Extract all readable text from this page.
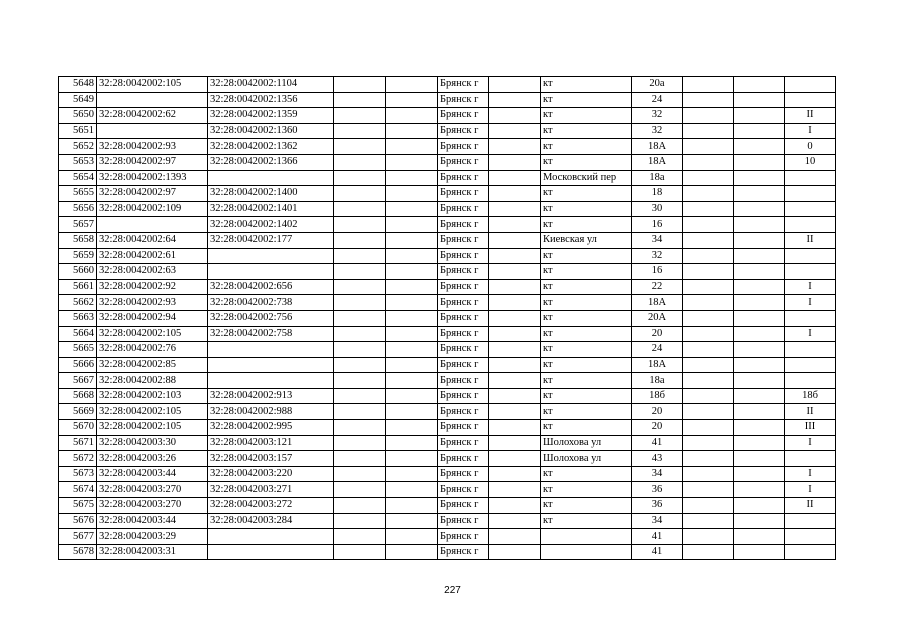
5648	32:28:0042002:105	32:28:0042002:1104			Брянск г		кт	20а			
5649		32:28:0042002:1356			Брянск г		кт	24			
5650	32:28:0042002:62	32:28:0042002:1359			Брянск г		кт	32			II
5651		32:28:0042002:1360			Брянск г		кт	32			I
5652	32:28:0042002:93	32:28:0042002:1362			Брянск г		кт	18А			0
5653	32:28:0042002:97	32:28:0042002:1366			Брянск г		кт	18А			10
5654	32:28:0042002:1393				Брянск г		Московский пер	18а			
5655	32:28:0042002:97	32:28:0042002:1400			Брянск г		кт	18			
5656	32:28:0042002:109	32:28:0042002:1401			Брянск г		кт	30			
5657		32:28:0042002:1402			Брянск г		кт	16			
5658	32:28:0042002:64	32:28:0042002:177			Брянск г		Киевская ул	34			II
5659	32:28:0042002:61				Брянск г		кт	32			
5660	32:28:0042002:63				Брянск г		кт	16			
5661	32:28:0042002:92	32:28:0042002:656			Брянск г		кт	22			I
5662	32:28:0042002:93	32:28:0042002:738			Брянск г		кт	18А			I
5663	32:28:0042002:94	32:28:0042002:756			Брянск г		кт	20А			
5664	32:28:0042002:105	32:28:0042002:758			Брянск г		кт	20			I
5665	32:28:0042002:76				Брянск г		кт	24			
5666	32:28:0042002:85				Брянск г		кт	18А			
5667	32:28:0042002:88				Брянск г		кт	18а			
5668	32:28:0042002:103	32:28:0042002:913			Брянск г		кт	18б			18б
5669	32:28:0042002:105	32:28:0042002:988			Брянск г		кт	20			II
5670	32:28:0042002:105	32:28:0042002:995			Брянск г		кт	20			III
5671	32:28:0042003:30	32:28:0042003:121			Брянск г		Шолохова ул	41			I
5672	32:28:0042003:26	32:28:0042003:157			Брянск г		Шолохова ул	43			
5673	32:28:0042003:44	32:28:0042003:220			Брянск г		кт	34			I
5674	32:28:0042003:270	32:28:0042003:271			Брянск г		кт	36			I
5675	32:28:0042003:270	32:28:0042003:272			Брянск г		кт	36			II
5676	32:28:0042003:44	32:28:0042003:284			Брянск г		кт	34			
5677	32:28:0042003:29				Брянск г			41			
5678	32:28:0042003:31				Брянск г			41			
227
